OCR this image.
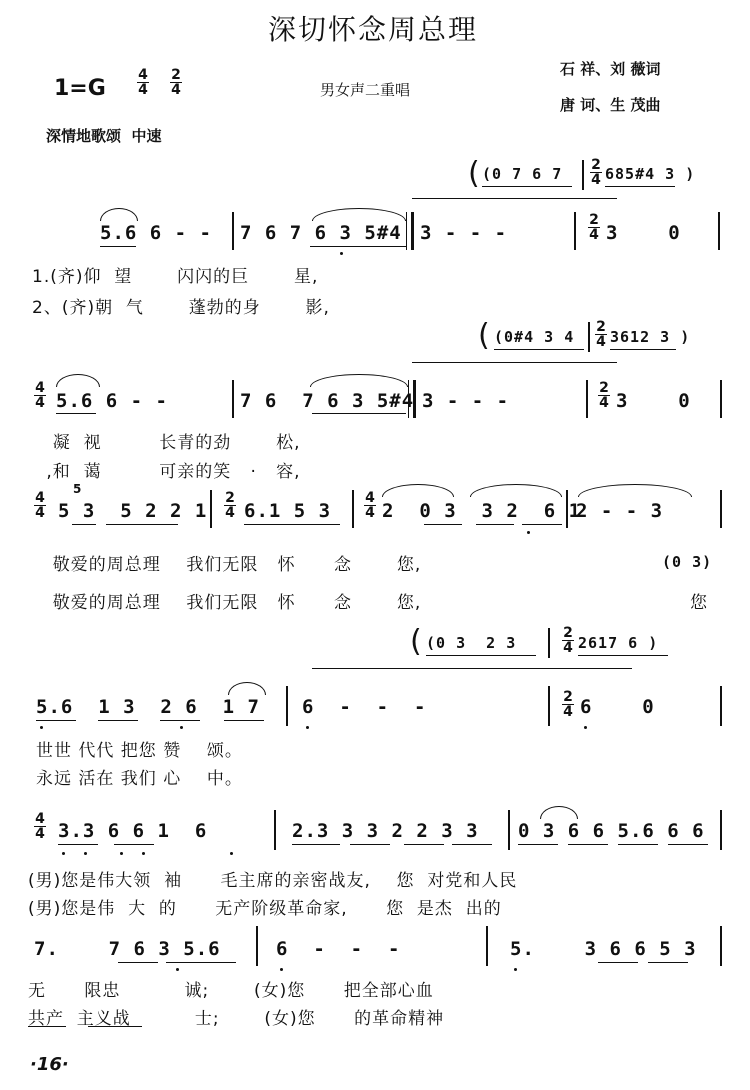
深切怀念周总理
$1=G \frac{4}{4} \frac{2}{4}$	男女声二重唱
石 祥、刘 薇词
唐 诃、生 茂曲
深情地歌颂  中速
( (0 7 6 $7 \frac{2}{4}$ 685#4 3 )
5.6 6 - - 7 6 7 6 3 5#4 3 - - -	$\frac{2}{4} 3$    0
1.(齐)仰  望       闪闪的巨       星,
2、(齐)朝  气       蓬勃的身       影,
( (0#4 3 $4 \frac{2}{4} 3612$ 3 )
$\frac{4}{4} 5.6$ 6 - -	7 6  7 6 3 5#4 3 - - -	$\frac{2}{4} 3$    0
凝  视         长青的劲       松,
,和  蔼         可亲的笑   ·   容,
$\frac{4}{4}$
5
5 3  5 2 2 $1 \frac{2}{4} 6.1$ 5 $3 \frac{4}{4} 2$  0 3  3 2  6 1
2 - - 3
敬爱的周总理    我们无限   怀      念       您,	(0 3)
敬爱的周总理    我们无限   怀      念       您,	您
( (0 3  2 3	$\frac{2}{4} 2617$ 6 )
5.6  1 3  2 6  1 7 6  -  -  -	$\frac{2}{4} 6$    0
世世 代代 把您 赞    颂。
永远 活在 我们 心    中。
$\frac{4}{4} 3.3$ 6 6 1  6	2.3 3 3 2 2 3 3 0 3 6 6 5.6 6 6
(男)您是伟大领  袖      毛主席的亲密战友,    您  对党和人民
(男)您是伟  大  的      无产阶级革命家,      您  是杰  出的
7.    7 6 3 5.6	6  -  -  -	5.    3 6 6 5 3
无      限忠          诚;       (女)您      把全部心血
共产  主义战          士;       (女)您      的革命精神
·16·
